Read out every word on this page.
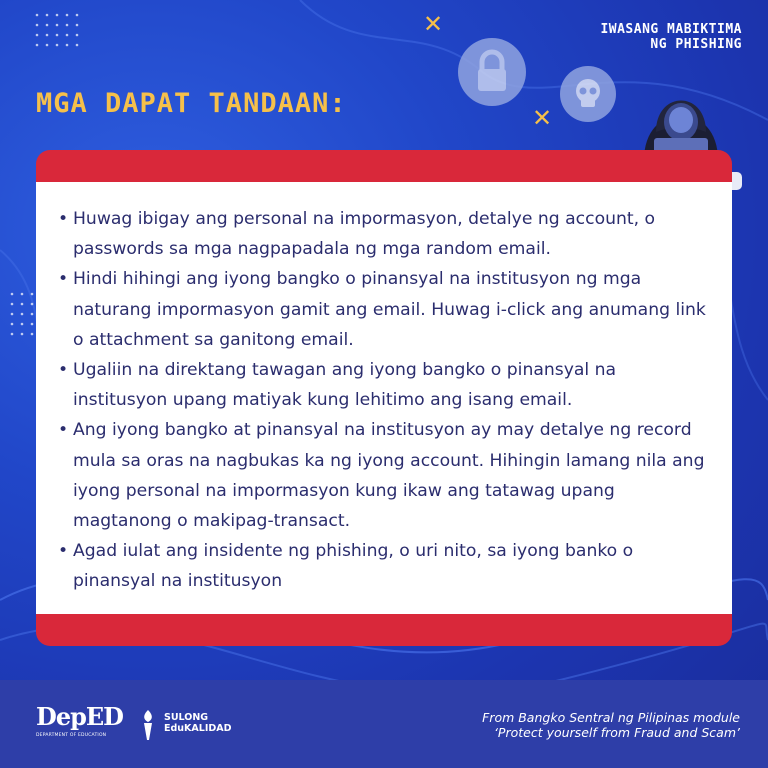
✕
✕
IWASANG MABIKTIMA
NG PHISHING
MGA DAPAT TANDAAN:
• Huwag ibigay ang personal na impormasyon, detalye ng account, o passwords sa mga nagpapadala ng mga random email.
• Hindi hihingi ang iyong bangko o pinansyal na institusyon ng mga naturang impormasyon gamit ang email. Huwag i-click ang anumang link o attachment sa ganitong email.
• Ugaliin na direktang tawagan ang iyong bangko o pinansyal na institusyon upang matiyak kung lehitimo ang isang email.
• Ang iyong bangko at pinansyal na institusyon ay may detalye ng record mula sa oras na nagbukas ka ng iyong account. Hihingin lamang nila ang iyong personal na impormasyon kung ikaw ang tatawag upang magtanong o makipag-transact.
• Agad iulat ang insidente ng phishing, o uri nito, sa iyong banko o pinansyal na institusyon
DepED
DEPARTMENT OF EDUCATION
SULONG
EduKALIDAD
From Bangko Sentral ng Pilipinas module
‘Protect yourself from Fraud and Scam’
